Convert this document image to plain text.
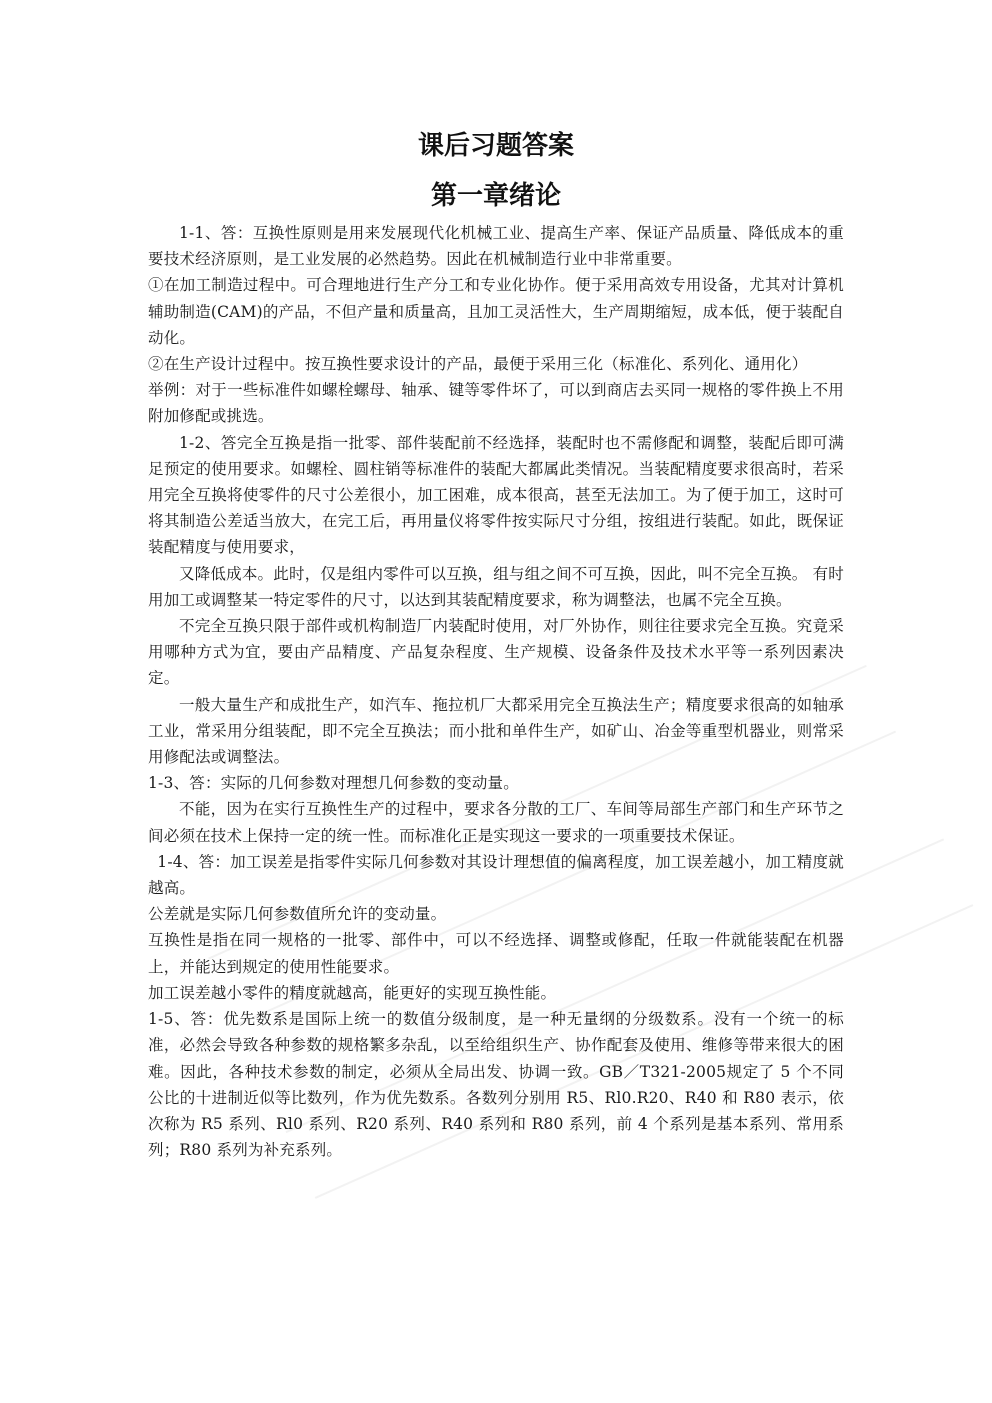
课后习题答案
第一章绪论

1-1、答：互换性原则是用来发展现代化机械工业、提高生产率、保证产品质量、降低成本的重要技术经济原则，是工业发展的必然趋势。因此在机械制造行业中非常重要。

①在加工制造过程中。可合理地进行生产分工和专业化协作。便于采用高效专用设备，尤其对计算机辅助制造(CAM)的产品，不但产量和质量高，且加工灵活性大，生产周期缩短，成本低，便于装配自动化。

②在生产设计过程中。按互换性要求设计的产品，最便于采用三化（标准化、系列化、通用化）

举例：对于一些标准件如螺栓螺母、轴承、键等零件坏了，可以到商店去买同一规格的零件换上不用附加修配或挑选。

1-2、答完全互换是指一批零、部件装配前不经选择，装配时也不需修配和调整，装配后即可满足预定的使用要求。如螺栓、圆柱销等标准件的装配大都属此类情况。当装配精度要求很高时，若采用完全互换将使零件的尺寸公差很小，加工困难，成本很高，甚至无法加工。为了便于加工，这时可将其制造公差适当放大，在完工后，再用量仪将零件按实际尺寸分组，按组进行装配。如此，既保证装配精度与使用要求，

又降低成本。此时，仅是组内零件可以互换，组与组之间不可互换，因此，叫不完全互换。 有时用加工或调整某一特定零件的尺寸，以达到其装配精度要求，称为调整法，也属不完全互换。

不完全互换只限于部件或机构制造厂内装配时使用，对厂外协作，则往往要求完全互换。究竟采用哪种方式为宜，要由产品精度、产品复杂程度、生产规模、设备条件及技术水平等一系列因素决定。

一般大量生产和成批生产，如汽车、拖拉机厂大都采用完全互换法生产；精度要求很高的如轴承工业，常采用分组装配，即不完全互换法；而小批和单件生产，如矿山、冶金等重型机器业，则常采用修配法或调整法。

1-3、答：实际的几何参数对理想几何参数的变动量。

不能，因为在实行互换性生产的过程中，要求各分散的工厂、车间等局部生产部门和生产环节之间必须在技术上保持一定的统一性。而标准化正是实现这一要求的一项重要技术保证。

1-4、答：加工误差是指零件实际几何参数对其设计理想值的偏离程度，加工误差越小，加工精度就越高。

公差就是实际几何参数值所允许的变动量。

互换性是指在同一规格的一批零、部件中，可以不经选择、调整或修配，任取一件就能装配在机器上，并能达到规定的使用性能要求。

加工误差越小零件的精度就越高，能更好的实现互换性能。

1-5、答：优先数系是国际上统一的数值分级制度，是一种无量纲的分级数系。没有一个统一的标准，必然会导致各种参数的规格繁多杂乱，以至给组织生产、协作配套及使用、维修等带来很大的困难。因此，各种技术参数的制定，必须从全局出发、协调一致。GB／T321-2005规定了 5 个不同公比的十进制近似等比数列，作为优先数系。各数列分别用 R5、Rl0.R20、R40 和 R80 表示，依次称为 R5 系列、Rl0 系列、R20 系列、R40 系列和 R80 系列，前 4 个系列是基本系列、常用系列；R80 系列为补充系列。
